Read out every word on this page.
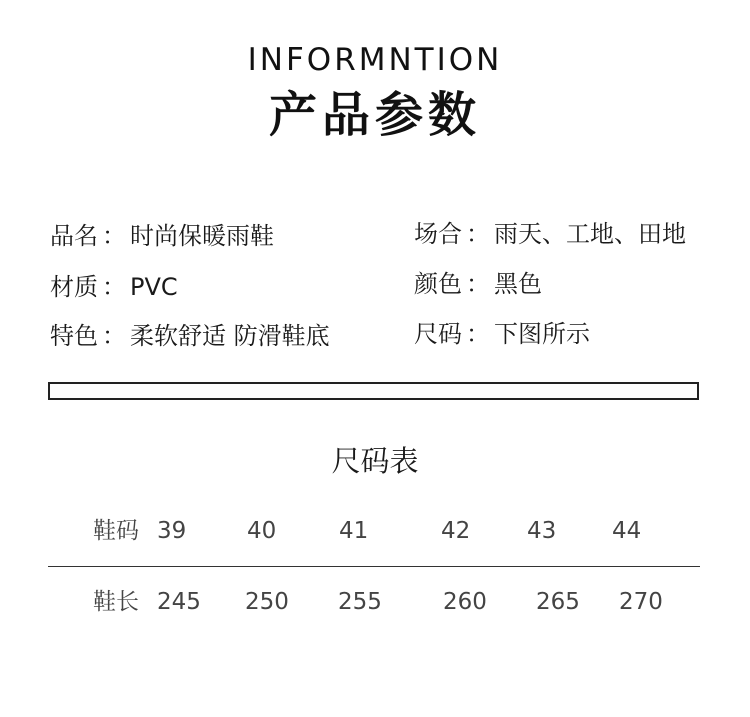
INFORMNTION
产品参数
品名 ： 时尚保暖雨鞋
材质 ： PVC
特色 ： 柔软舒适 防滑鞋底
场合 ： 雨天、工地、田地
颜色 ： 黑色
尺码 ： 下图所示
尺码表
鞋码 39	40	41	42 43 44
鞋长 245 250 255	260 265 270
